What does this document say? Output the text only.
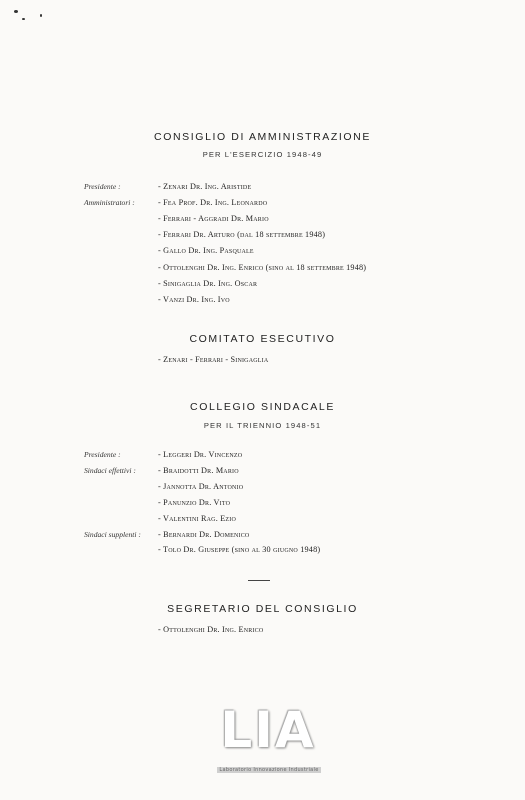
CONSIGLIO DI AMMINISTRAZIONE
PER L'ESERCIZIO 1948-49
Presidente :	- Zenari Dr. Ing. Aristide
Amministratori :	- Fea Prof. Dr. Ing. Leonardo
- Ferrari - Aggradi Dr. Mario
- Ferrari Dr. Arturo (dal 18 settembre 1948)
- Gallo Dr. Ing. Pasquale
- Ottolenghi Dr. Ing. Enrico (sino al 18 settembre 1948)
- Sinigaglia Dr. Ing. Oscar
- Vanzi Dr. Ing. Ivo
COMITATO ESECUTIVO
- Zenari - Ferrari - Sinigaglia
COLLEGIO SINDACALE
PER IL TRIENNIO 1948-51
Presidente :	- Leggeri Dr. Vincenzo
Sindaci effettivi :	- Braidotti Dr. Mario
- Jannotta Dr. Antonio
- Panunzio Dr. Vito
- Valentini Rag. Ezio
Sindaci supplenti : - Bernardi Dr. Domenico
- Tolo Dr. Giuseppe (sino al 30 giugno 1948)
SEGRETARIO DEL CONSIGLIO
- Ottolenghi Dr. Ing. Enrico
LIA
Laboratorio Innovazione Industriale
